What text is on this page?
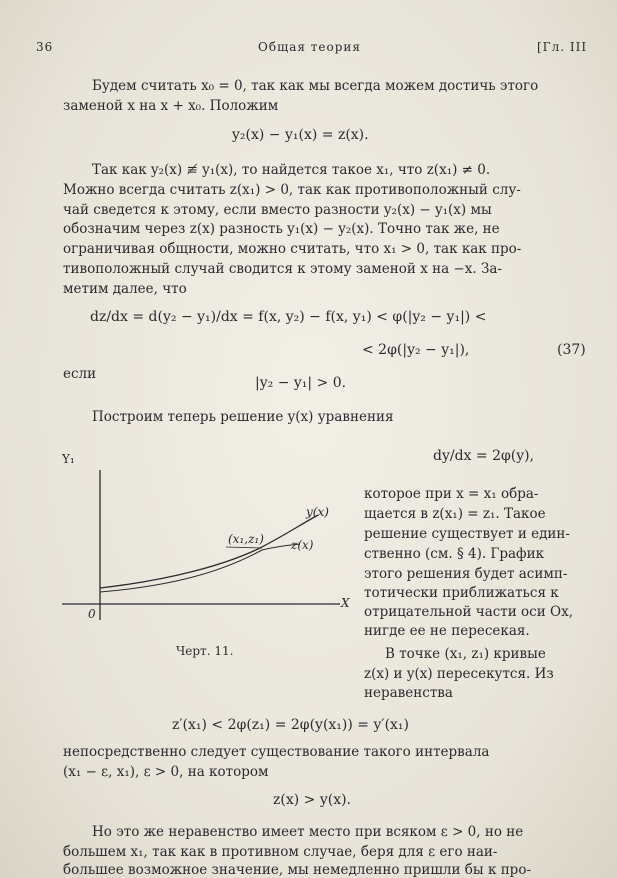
36	Общая теория	[Гл. III
Будем считать x₀ = 0, так как мы всегда можем достичь этого
заменой x на x + x₀. Положим
y₂(x) − y₁(x) = z(x).
Так как y₂(x) ≢ y₁(x), то найдется такое x₁, что z(x₁) ≠ 0.
Можно всегда считать z(x₁) > 0, так как противоположный слу-
чай сведется к этому, если вместо разности y₂(x) − y₁(x) мы
обозначим через z(x) разность y₁(x) − y₂(x). Точно так же, не
ограничивая общности, можно считать, что x₁ > 0, так как про-
тивоположный случай сводится к этому заменой x на −x. За-
метим далее, что
dz/dx = d(y₂ − y₁)/dx = f(x, y₂) − f(x, y₁) < φ(|y₂ − y₁|) <
< 2φ(|y₂ − y₁|),	(37)
если
|y₂ − y₁| > 0.
Построим теперь решение y(x) уравнения
dy/dx = 2φ(y),
которое при x = x₁ обра-
щается в z(x₁) = z₁. Такое
решение существует и един-
ственно (см. § 4). График
этого решения будет асимп-
тотически приближаться к
отрицательной части оси Ox,
нигде ее не пересекая.
В точке (x₁, z₁) кривые
z(x) и y(x) пересекутся. Из
неравенства
Y₁
X
0
y(x)
z(x)
(x₁,z₁)
Черт. 11.
z′(x₁) < 2φ(z₁) = 2φ(y(x₁)) = y′(x₁)
непосредственно следует существование такого интервала
(x₁ − ε, x₁), ε > 0, на котором
z(x) > y(x).
Но это же неравенство имеет место при всяком ε > 0, но не
большем x₁, так как в противном случае, беря для ε его наи-
большее возможное значение, мы немедленно пришли бы к про-
